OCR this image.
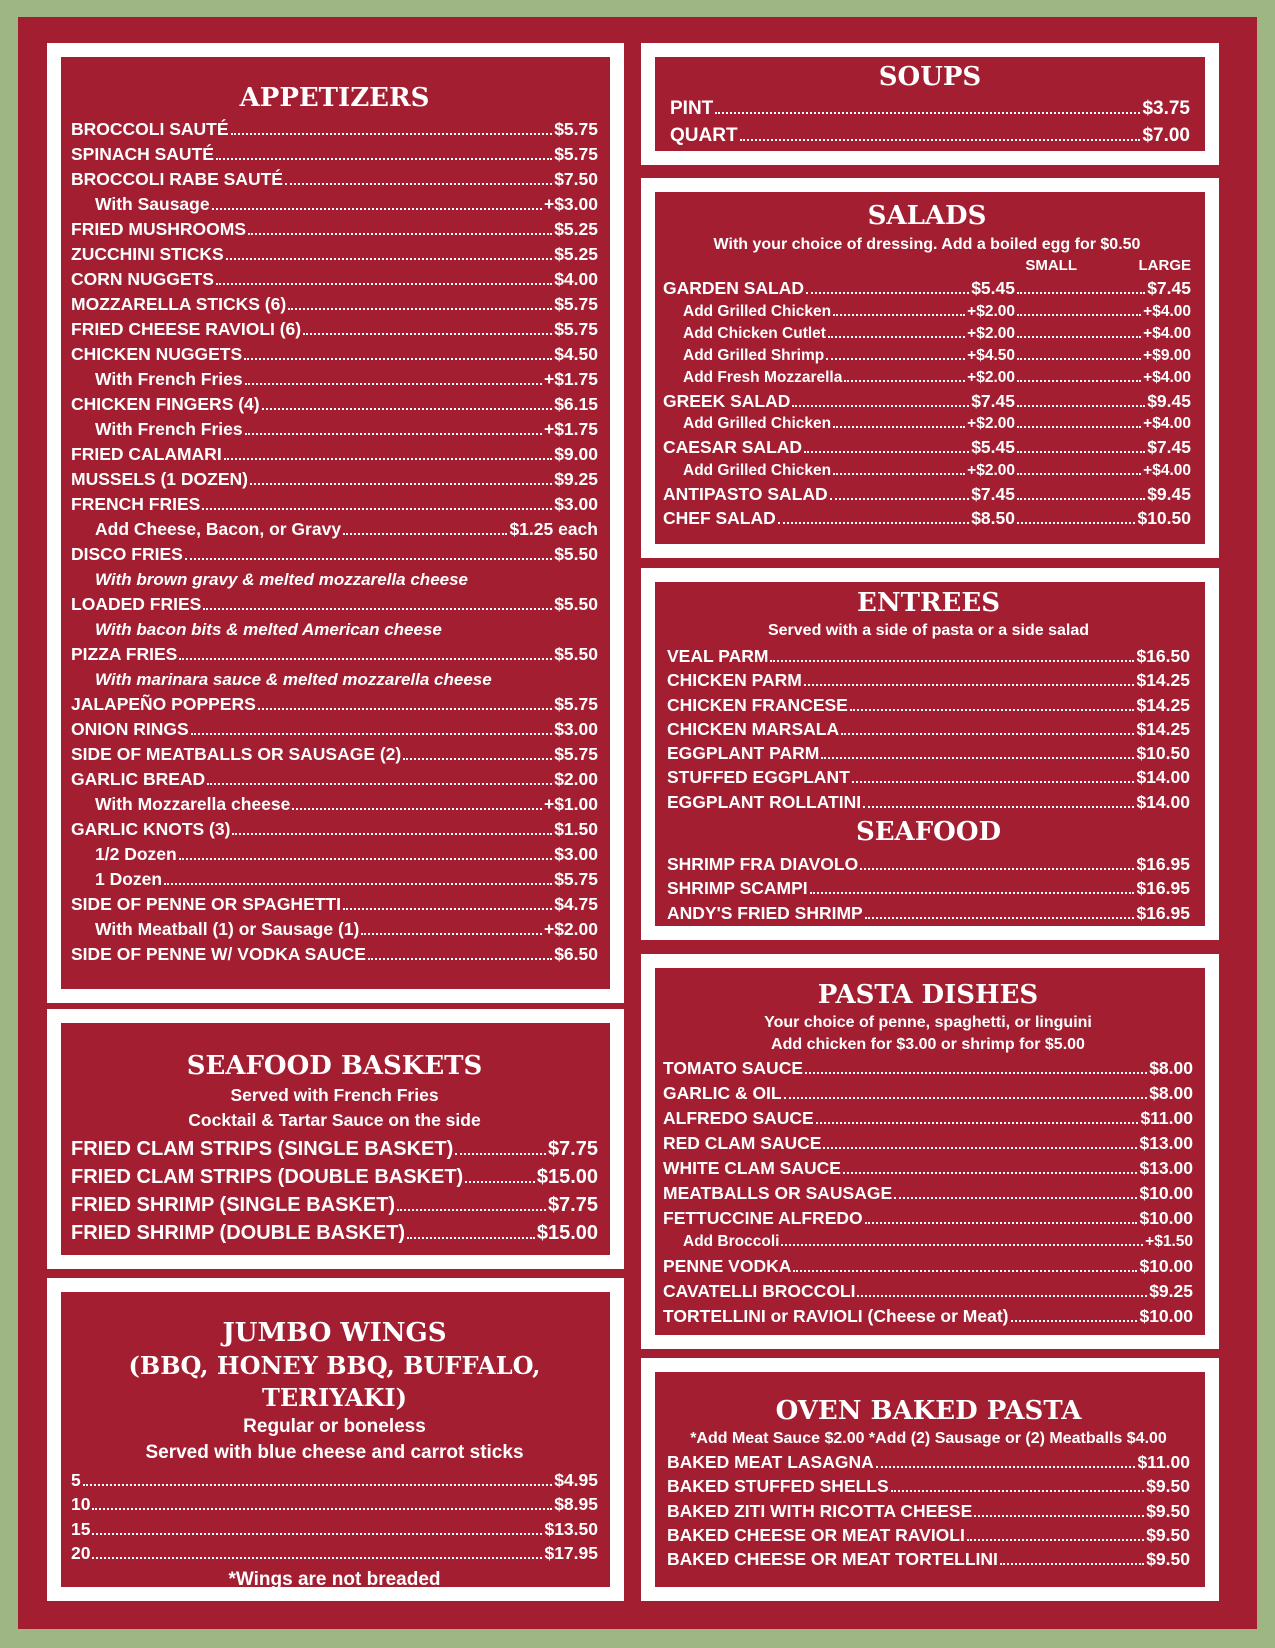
APPETIZERS
BROCCOLI SAUTÉ	$5.75
SPINACH SAUTÉ	$5.75
BROCCOLI RABE SAUTÉ	$7.50
With Sausage	+$3.00
FRIED MUSHROOMS	$5.25
ZUCCHINI STICKS	$5.25
CORN NUGGETS	$4.00
MOZZARELLA STICKS (6)	$5.75
FRIED CHEESE RAVIOLI (6)	$5.75
CHICKEN NUGGETS	$4.50
With French Fries	+$1.75
CHICKEN FINGERS (4)	$6.15
With French Fries	+$1.75
FRIED CALAMARI	$9.00
MUSSELS (1 DOZEN)	$9.25
FRENCH FRIES	$3.00
Add Cheese, Bacon, or Gravy	$1.25 each
DISCO FRIES	$5.50
With brown gravy & melted mozzarella cheese
LOADED FRIES	$5.50
With bacon bits & melted American cheese
PIZZA FRIES	$5.50
With marinara sauce & melted mozzarella cheese
JALAPEÑO POPPERS	$5.75
ONION RINGS	$3.00
SIDE OF MEATBALLS OR SAUSAGE (2)	$5.75
GARLIC BREAD	$2.00
With Mozzarella cheese	+$1.00
GARLIC KNOTS (3)	$1.50
1/2 Dozen	$3.00
1 Dozen	$5.75
SIDE OF PENNE OR SPAGHETTI	$4.75
With Meatball (1) or Sausage (1)	+$2.00
SIDE OF PENNE W/ VODKA SAUCE	$6.50
SEAFOOD BASKETS
Served with French Fries
Cocktail & Tartar Sauce on the side
FRIED CLAM STRIPS (SINGLE BASKET)	$7.75
FRIED CLAM STRIPS (DOUBLE BASKET)	$15.00
FRIED SHRIMP (SINGLE BASKET)	$7.75
FRIED SHRIMP (DOUBLE BASKET)	$15.00
JUMBO WINGS
(BBQ, HONEY BBQ, BUFFALO, TERIYAKI)
Regular or boneless
Served with blue cheese and carrot sticks
5	$4.95
10	$8.95
15	$13.50
20	$17.95
*Wings are not breaded
SOUPS
PINT	$3.75
QUART	$7.00
SALADS
With your choice of dressing. Add a boiled egg for $0.50
SMALL	LARGE
GARDEN SALAD	$5.45	$7.45
Add Grilled Chicken	+$2.00	+$4.00
Add Chicken Cutlet	+$2.00	+$4.00
Add Grilled Shrimp	+$4.50	+$9.00
Add Fresh Mozzarella	+$2.00	+$4.00
GREEK SALAD	$7.45	$9.45
Add Grilled Chicken	+$2.00	+$4.00
CAESAR SALAD	$5.45	$7.45
Add Grilled Chicken	+$2.00	+$4.00
ANTIPASTO SALAD	$7.45	$9.45
CHEF SALAD	$8.50	$10.50
ENTREES
Served with a side of pasta or a side salad
VEAL PARM	$16.50
CHICKEN PARM	$14.25
CHICKEN FRANCESE	$14.25
CHICKEN MARSALA	$14.25
EGGPLANT PARM	$10.50
STUFFED EGGPLANT	$14.00
EGGPLANT ROLLATINI	$14.00
SEAFOOD
SHRIMP FRA DIAVOLO	$16.95
SHRIMP SCAMPI	$16.95
ANDY'S FRIED SHRIMP	$16.95
PASTA DISHES
Your choice of penne, spaghetti, or linguini
Add chicken for $3.00 or shrimp for $5.00
TOMATO SAUCE	$8.00
GARLIC & OIL	$8.00
ALFREDO SAUCE	$11.00
RED CLAM SAUCE	$13.00
WHITE CLAM SAUCE	$13.00
MEATBALLS OR SAUSAGE	$10.00
FETTUCCINE ALFREDO	$10.00
Add Broccoli	+$1.50
PENNE VODKA	$10.00
CAVATELLI BROCCOLI	$9.25
TORTELLINI or RAVIOLI (Cheese or Meat)	$10.00
OVEN BAKED PASTA
*Add Meat Sauce $2.00 *Add (2) Sausage or (2) Meatballs $4.00
BAKED MEAT LASAGNA	$11.00
BAKED STUFFED SHELLS	$9.50
BAKED ZITI WITH RICOTTA CHEESE	$9.50
BAKED CHEESE OR MEAT RAVIOLI	$9.50
BAKED CHEESE OR MEAT TORTELLINI	$9.50
